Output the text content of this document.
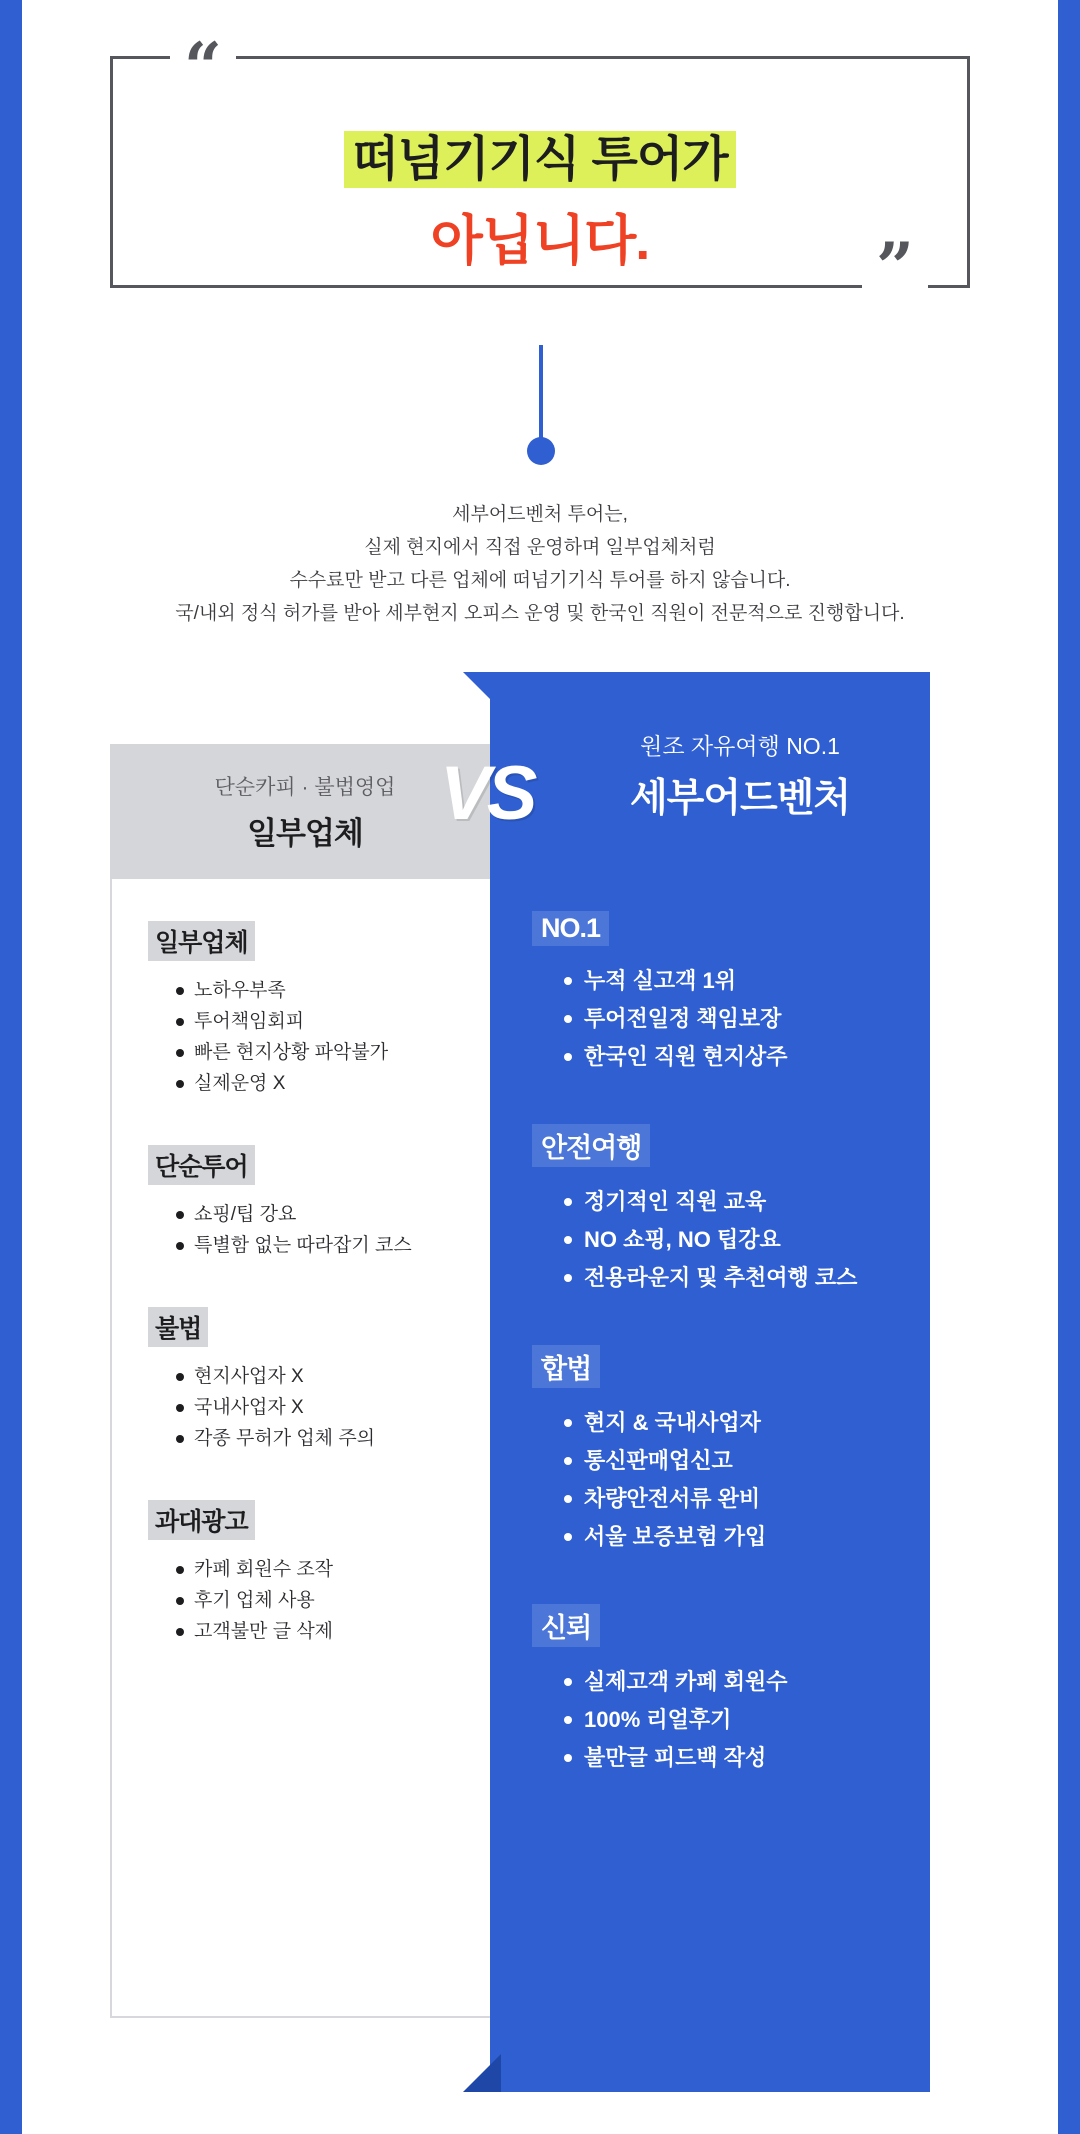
“
”
떠넘기기식 투어가
아닙니다.
세부어드벤처 투어는,
실제 현지에서 직접 운영하며 일부업체처럼
수수료만 받고 다른 업체에 떠넘기기식 투어를 하지 않습니다.
국/내외 정식 허가를 받아 세부현지 오피스 운영 및 한국인 직원이 전문적으로 진행합니다.
단순카피 · 불법영업
일부업체
원조 자유여행 NO.1
세부어드벤처
VS
일부업체
노하우부족
투어책임회피
빠른 현지상황 파악불가
실제운영 X
단순투어
쇼핑/팁 강요
특별함 없는 따라잡기 코스
불법
현지사업자 X
국내사업자 X
각종 무허가 업체 주의
과대광고
카페 회원수 조작
후기 업체 사용
고객불만 글 삭제
NO.1
누적 실고객 1위
투어전일정 책임보장
한국인 직원 현지상주
안전여행
정기적인 직원 교육
NO 쇼핑, NO 팁강요
전용라운지 및 추천여행 코스
합법
현지 & 국내사업자
통신판매업신고
차량안전서류 완비
서울 보증보험 가입
신뢰
실제고객 카페 회원수
100% 리얼후기
불만글 피드백 작성
